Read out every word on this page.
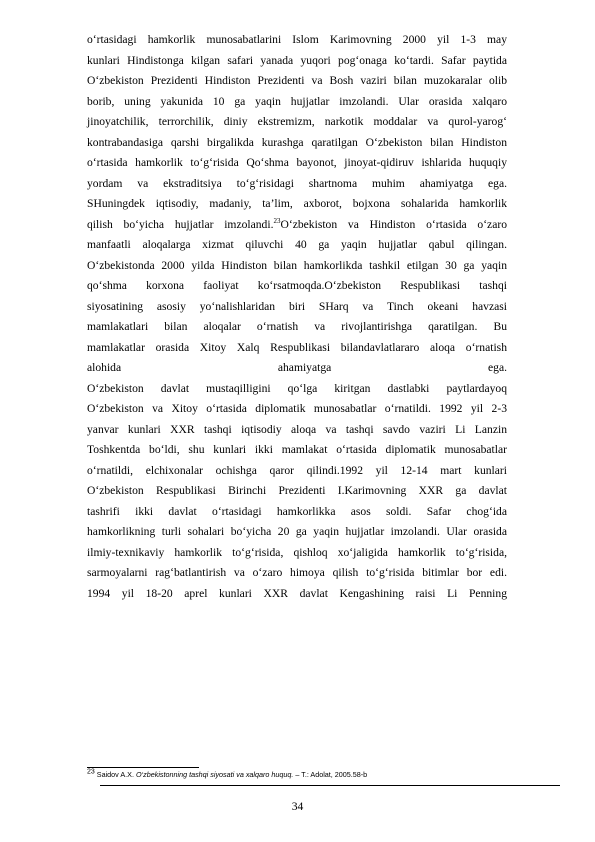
o‘rtasidagi hamkorlik munosabatlarini Islom Karimovning 2000 yil 1-3 may
kunlari Hindistonga kilgan safari yanada yuqori pog‘onaga ko‘tardi. Safar paytida
O‘zbekiston Prezidenti Hindiston Prezidenti va Bosh vaziri bilan muzokaralar olib
borib, uning yakunida 10 ga yaqin hujjatlar imzolandi. Ular orasida xalqaro
jinoyatchilik, terrorchilik, diniy ekstremizm, narkotik moddalar va qurol-yarog‘
kontrabandasiga qarshi birgalikda kurashga qaratilgan O‘zbekiston bilan Hindiston
o‘rtasida hamkorlik to‘g‘risida Qo‘shma bayonot, jinoyat-qidiruv ishlarida huquqiy
yordam va ekstraditsiya to‘g‘risidagi shartnoma muhim ahamiyatga ega.
SHuningdek iqtisodiy, madaniy, ta’lim, axborot, bojxona sohalarida hamkorlik
qilish bo‘yicha hujjatlar imzolandi.$^{23}$O‘zbekiston va Hindiston o‘rtasida o‘zaro
manfaatli aloqalarga xizmat qiluvchi 40 ga yaqin hujjatlar qabul qilingan.
O‘zbekistonda 2000 yilda Hindiston bilan hamkorlikda tashkil etilgan 30 ga yaqin
qo‘shma korxona faoliyat ko‘rsatmoqda.O‘zbekiston Respublikasi tashqi
siyosatining asosiy yo‘nalishlaridan biri SHarq va Tinch okeani havzasi
mamlakatlari bilan aloqalar o‘rnatish va rivojlantirishga qaratilgan. Bu
mamlakatlar orasida Xitoy Xalq Respublikasi bilandavlatlararo aloqa o‘rnatish
alohida ahamiyatga ega.
O‘zbekiston davlat mustaqilligini qo‘lga kiritgan dastlabki paytlardayoq
O‘zbekiston va Xitoy o‘rtasida diplomatik munosabatlar o‘rnatildi. 1992 yil 2-3
yanvar kunlari XXR tashqi iqtisodiy aloqa va tashqi savdo vaziri Li Lanzin
Toshkentda bo‘ldi, shu kunlari ikki mamlakat o‘rtasida diplomatik munosabatlar
o‘rnatildi, elchixonalar ochishga qaror qilindi.1992 yil 12-14 mart kunlari
O‘zbekiston Respublikasi Birinchi Prezidenti I.Karimovning XXR ga davlat
tashrifi ikki davlat o‘rtasidagi hamkorlikka asos soldi. Safar chog‘ida
hamkorlikning turli sohalari bo‘yicha 20 ga yaqin hujjatlar imzolandi. Ular orasida
ilmiy-texnikaviy hamkorlik to‘g‘risida, qishloq xo‘jaligida hamkorlik to‘g‘risida,
sarmoyalarni rag‘batlantirish va o‘zaro himoya qilish to‘g‘risida bitimlar bor edi.
1994 yil 18-20 aprel kunlari XXR davlat Kengashining raisi Li Penning
23 Saidov A.X. O‘zbekistonning tashqi siyosati va xalqaro huquq. – T.: Adolat, 2005.58-b
34
